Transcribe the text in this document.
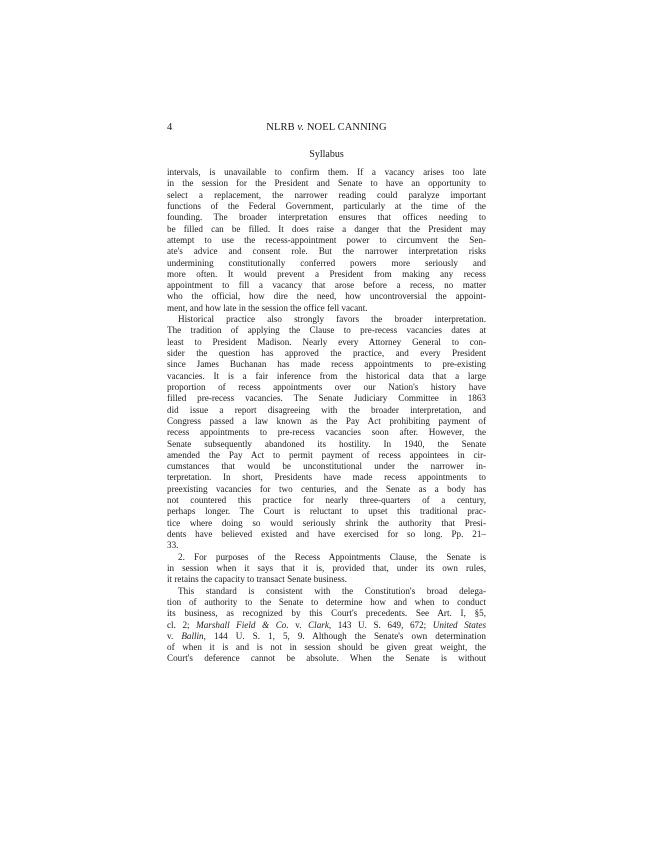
4	NLRB v. NOEL CANNING
Syllabus
intervals, is unavailable to confirm them. If a vacancy arises too late
in the session for the President and Senate to have an opportunity to
select a replacement, the narrower reading could paralyze important
functions of the Federal Government, particularly at the time of the
founding. The broader interpretation ensures that offices needing to
be filled can be filled. It does raise a danger that the President may
attempt to use the recess-appointment power to circumvent the Sen-
ate's advice and consent role. But the narrower interpretation risks
undermining constitutionally conferred powers more seriously and
more often. It would prevent a President from making any recess
appointment to fill a vacancy that arose before a recess, no matter
who the official, how dire the need, how uncontroversial the appoint-
ment, and how late in the session the office fell vacant.
Historical practice also strongly favors the broader interpretation.
The tradition of applying the Clause to pre-recess vacancies dates at
least to President Madison. Nearly every Attorney General to con-
sider the question has approved the practice, and every President
since James Buchanan has made recess appointments to pre-existing
vacancies. It is a fair inference from the historical data that a large
proportion of recess appointments over our Nation's history have
filled pre-recess vacancies. The Senate Judiciary Committee in 1863
did issue a report disagreeing with the broader interpretation, and
Congress passed a law known as the Pay Act prohibiting payment of
recess appointments to pre-recess vacancies soon after. However, the
Senate subsequently abandoned its hostility. In 1940, the Senate
amended the Pay Act to permit payment of recess appointees in cir-
cumstances that would be unconstitutional under the narrower in-
terpretation. In short, Presidents have made recess appointments to
preexisting vacancies for two centuries, and the Senate as a body has
not countered this practice for nearly three-quarters of a century,
perhaps longer. The Court is reluctant to upset this traditional prac-
tice where doing so would seriously shrink the authority that Presi-
dents have believed existed and have exercised for so long. Pp. 21–
33.
2. For purposes of the Recess Appointments Clause, the Senate is
in session when it says that it is, provided that, under its own rules,
it retains the capacity to transact Senate business.
This standard is consistent with the Constitution's broad delega-
tion of authority to the Senate to determine how and when to conduct
its business, as recognized by this Court's precedents. See Art. I, §5,
cl. 2; Marshall Field & Co. v. Clark, 143 U. S. 649, 672; United States
v. Ballin, 144 U. S. 1, 5, 9. Although the Senate's own determination
of when it is and is not in session should be given great weight, the
Court's deference cannot be absolute. When the Senate is without
